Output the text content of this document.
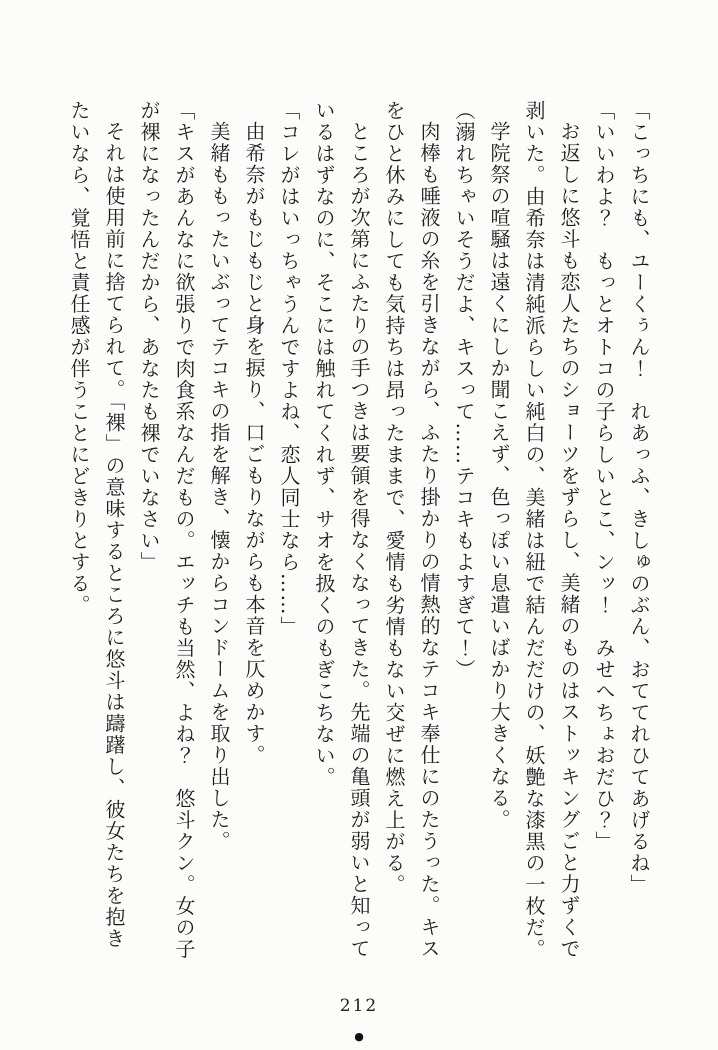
「こっちにも、ユーくぅん！　れあっふ、きしゅのぶん、おててれひてあげるね」

「いいわよ？　もっとオトコの子らしいとこ、ンッ！　みせへちょおだひ？」

お返しに悠斗も恋人たちのショーツをずらし、美緒のものはストッキングごと力ずくで

剥いた。由希奈は清純派らしい純白の、美緒は紐で結んだだけの、妖艶な漆黒の一枚だ。

学院祭の喧騒は遠くにしか聞こえず、色っぽい息遣いばかり大きくなる。

（溺れちゃいそうだよ、キスって……テコキもよすぎて！）

肉棒も唾液の糸を引きながら、ふたり掛かりの情熱的なテコキ奉仕にのたうった。キス

をひと休みにしても気持ちは昂ったままで、愛情も劣情もない交ぜに燃え上がる。

ところが次第にふたりの手つきは要領を得なくなってきた。先端の亀頭が弱いと知って

いるはずなのに、そこには触れてくれず、サオを扱くのもぎこちない。

「コレがはいっちゃうんですよね、恋人同士なら……」

由希奈がもじもじと身を捩り、口ごもりながらも本音を仄めかす。

美緒ももったいぶってテコキの指を解き、懐からコンドームを取り出した。

「キスがあんなに欲張りで肉食系なんだもの。エッチも当然、よね？　悠斗クン。女の子

が裸になったんだから、あなたも裸でいなさい」

それは使用前に捨てられて。「裸」の意味するところに悠斗は躊躇し、彼女たちを抱き

たいなら、覚悟と責任感が伴うことにどきりとする。

212
●
